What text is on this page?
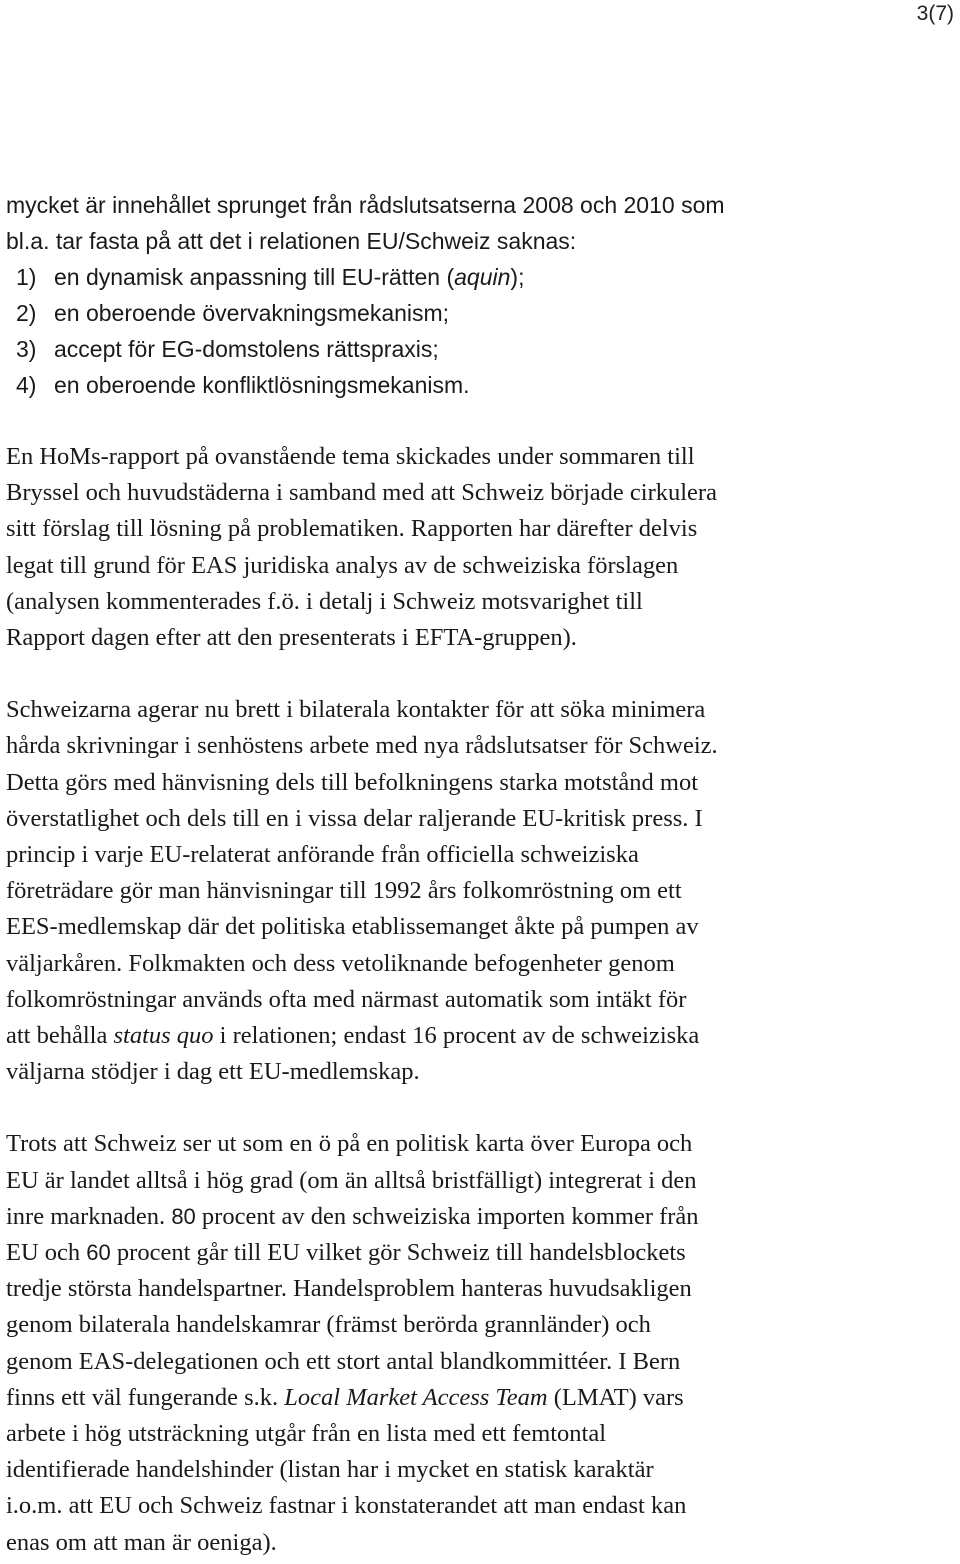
3(7)

mycket är innehållet sprunget från rådslutsatserna 2008 och 2010 som
bl.a. tar fasta på att det i relationen EU/Schweiz saknas:

1) en dynamisk anpassning till EU-rätten (aquin);
2) en oberoende övervakningsmekanism;
3) accept för EG-domstolens rättspraxis;
4) en oberoende konfliktlösningsmekanism.

En HoMs-rapport på ovanstående tema skickades under sommaren till
Bryssel och huvudstäderna i samband med att Schweiz började cirkulera
sitt förslag till lösning på problematiken. Rapporten har därefter delvis
legat till grund för EAS juridiska analys av de schweiziska förslagen
(analysen kommenterades f.ö. i detalj i Schweiz motsvarighet till
Rapport dagen efter att den presenterats i EFTA-gruppen).

Schweizarna agerar nu brett i bilaterala kontakter för att söka minimera
hårda skrivningar i senhöstens arbete med nya rådslutsatser för Schweiz.
Detta görs med hänvisning dels till befolkningens starka motstånd mot
överstatlighet och dels till en i vissa delar raljerande EU-kritisk press. I
princip i varje EU-relaterat anförande från officiella schweiziska
företrädare gör man hänvisningar till 1992 års folkomröstning om ett
EES-medlemskap där det politiska etablissemanget åkte på pumpen av
väljarkåren. Folkmakten och dess vetoliknande befogenheter genom
folkomröstningar används ofta med närmast automatik som intäkt för
att behålla status quo i relationen; endast 16 procent av de schweiziska
väljarna stödjer i dag ett EU-medlemskap.

Trots att Schweiz ser ut som en ö på en politisk karta över Europa och
EU är landet alltså i hög grad (om än alltså bristfälligt) integrerat i den
inre marknaden. 80 procent av den schweiziska importen kommer från
EU och 60 procent går till EU vilket gör Schweiz till handelsblockets
tredje största handelspartner. Handelsproblem hanteras huvudsakligen
genom bilaterala handelskamrar (främst berörda grannländer) och
genom EAS-delegationen och ett stort antal blandkommittéer. I Bern
finns ett väl fungerande s.k. Local Market Access Team (LMAT) vars
arbete i hög utsträckning utgår från en lista med ett femtontal
identifierade handelshinder (listan har i mycket en statisk karaktär
i.o.m. att EU och Schweiz fastnar i konstaterandet att man endast kan
enas om att man är oeniga).
